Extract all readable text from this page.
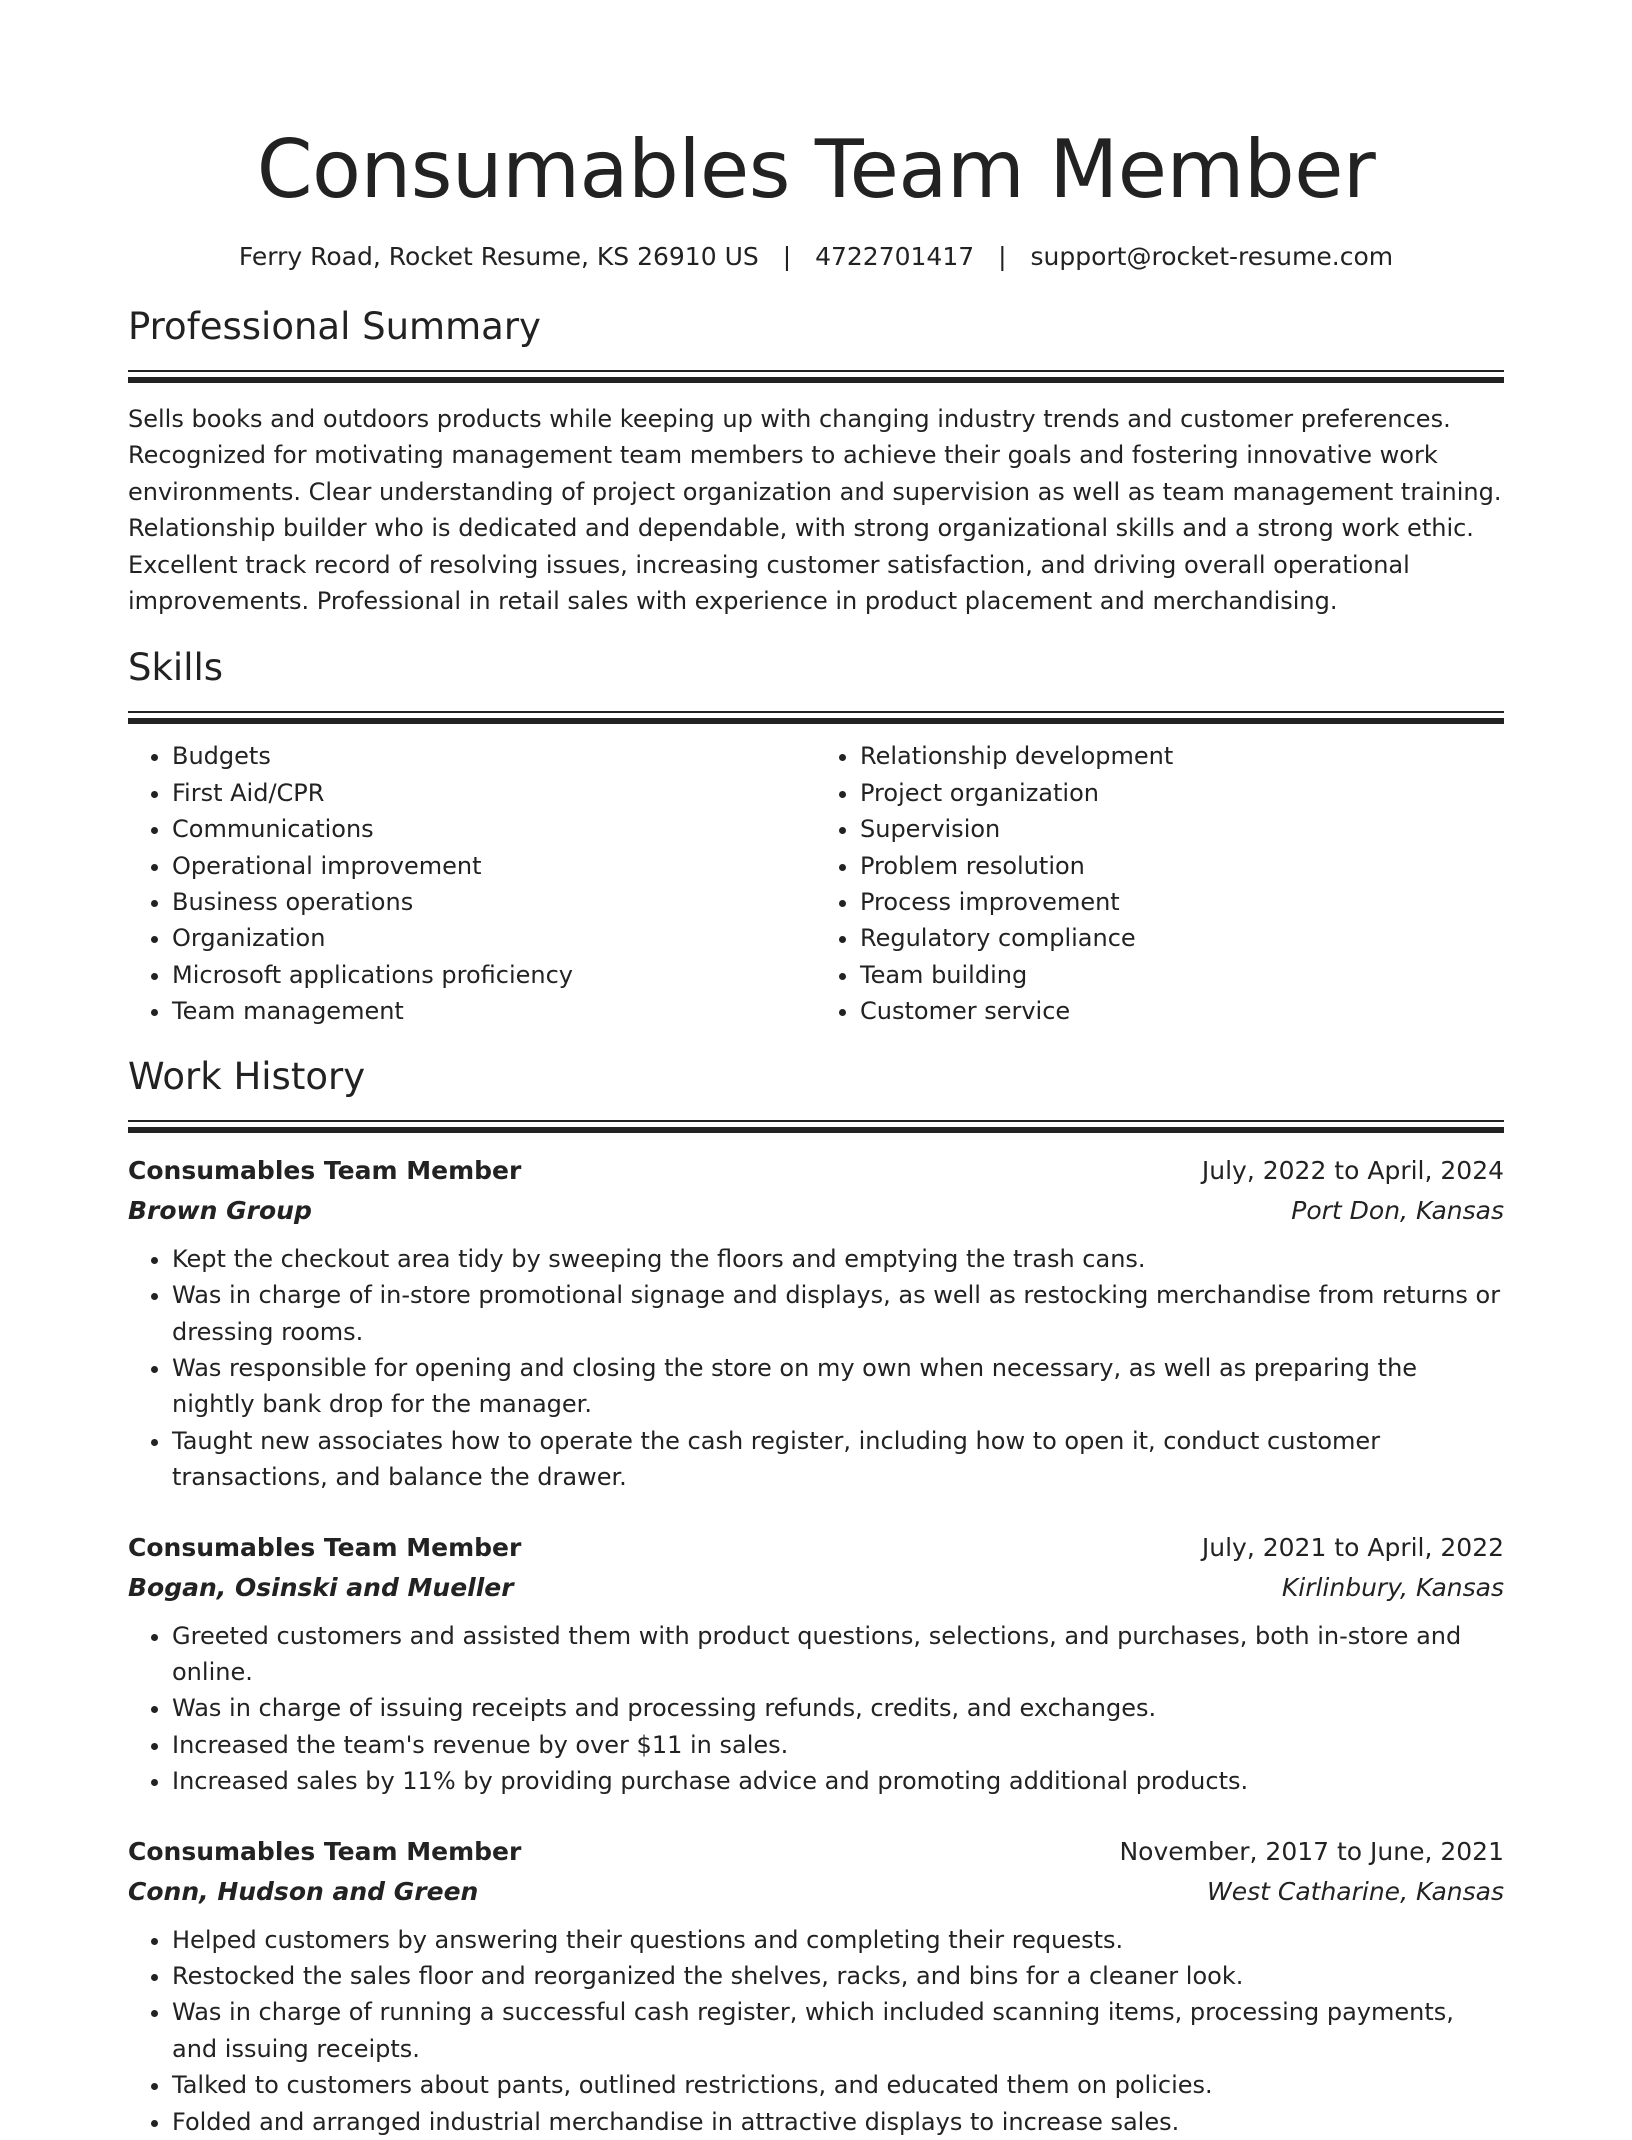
Consumables Team Member
Ferry Road, Rocket Resume, KS 26910 US | 4722701417 | support@rocket-resume.com
Professional Summary

Sells books and outdoors products while keeping up with changing industry trends and customer preferences. Recognized for motivating management team members to achieve their goals and fostering innovative work environments. Clear understanding of project organization and supervision as well as team management training. Relationship builder who is dedicated and dependable, with strong organizational skills and a strong work ethic. Excellent track record of resolving issues, increasing customer satisfaction, and driving overall operational improvements. Professional in retail sales with experience in product placement and merchandising.

Skills
• Budgets
• First Aid/CPR
• Communications
• Operational improvement
• Business operations
• Organization
• Microsoft applications proficiency
• Team management
• Relationship development
• Project organization
• Supervision
• Problem resolution
• Process improvement
• Regulatory compliance
• Team building
• Customer service
Work History
Consumables Team Member	July, 2022 to April, 2024
Brown Group	Port Don, Kansas
• Kept the checkout area tidy by sweeping the floors and emptying the trash cans.
• Was in charge of in-store promotional signage and displays, as well as restocking merchandise from returns or dressing rooms.
• Was responsible for opening and closing the store on my own when necessary, as well as preparing the nightly bank drop for the manager.
• Taught new associates how to operate the cash register, including how to open it, conduct customer transactions, and balance the drawer.
Consumables Team Member	July, 2021 to April, 2022
Bogan, Osinski and Mueller	Kirlinbury, Kansas
• Greeted customers and assisted them with product questions, selections, and purchases, both in-store and online.
• Was in charge of issuing receipts and processing refunds, credits, and exchanges.
• Increased the team's revenue by over $11 in sales.
• Increased sales by 11% by providing purchase advice and promoting additional products.
Consumables Team Member	November, 2017 to June, 2021
Conn, Hudson and Green	West Catharine, Kansas
• Helped customers by answering their questions and completing their requests.
• Restocked the sales floor and reorganized the shelves, racks, and bins for a cleaner look.
• Was in charge of running a successful cash register, which included scanning items, processing payments, and issuing receipts.
• Talked to customers about pants, outlined restrictions, and educated them on policies.
• Folded and arranged industrial merchandise in attractive displays to increase sales.
